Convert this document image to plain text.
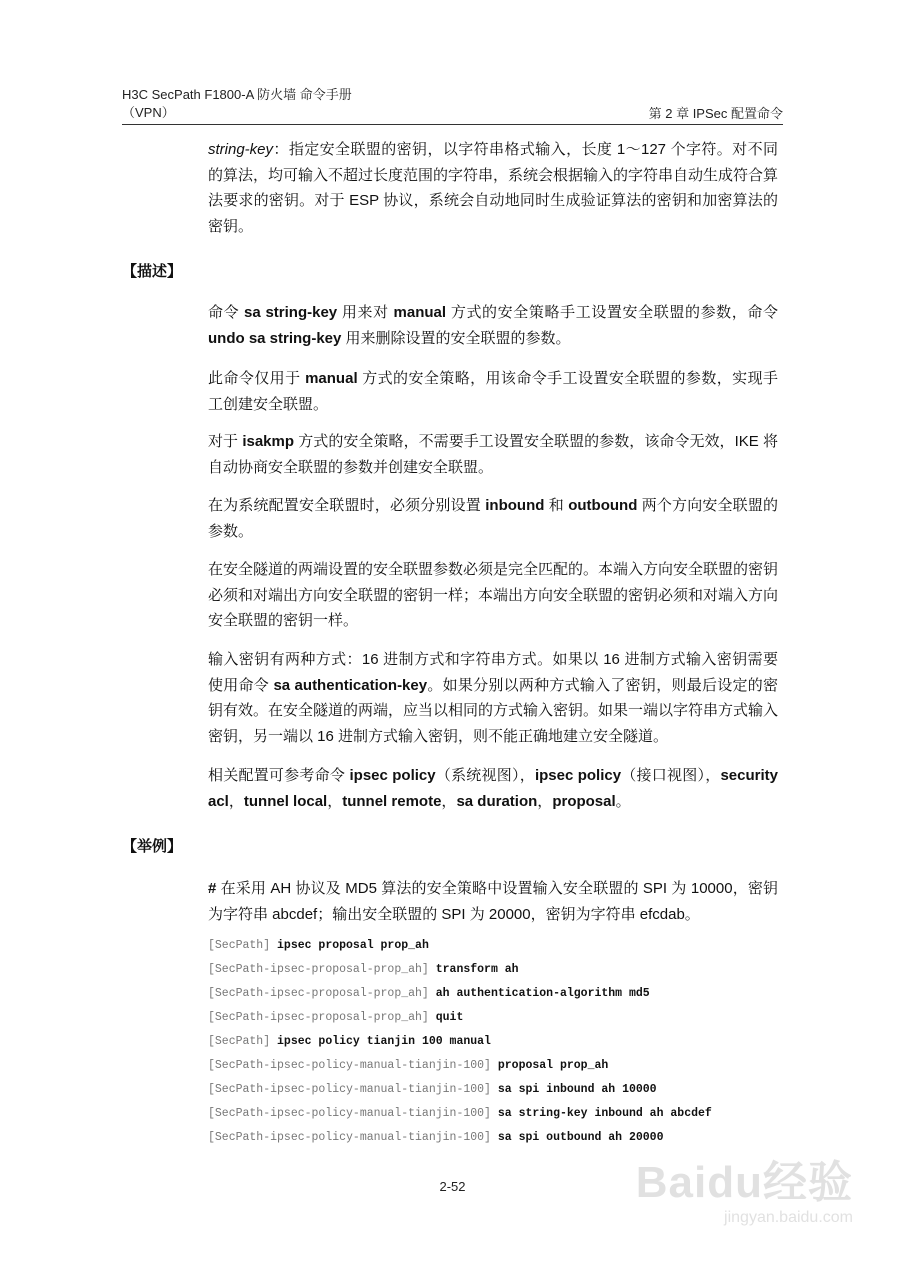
H3C SecPath F1800-A 防火墙 命令手册
（VPN）	第 2 章 IPSec 配置命令

string-key：指定安全联盟的密钥，以字符串格式输入，长度 1～127 个字符。对不同的算法，均可输入不超过长度范围的字符串，系统会根据输入的字符串自动生成符合算法要求的密钥。对于 ESP 协议，系统会自动地同时生成验证算法的密钥和加密算法的密钥。

【描述】

命令 sa string-key 用来对 manual 方式的安全策略手工设置安全联盟的参数，命令 undo sa string-key 用来删除设置的安全联盟的参数。

此命令仅用于 manual 方式的安全策略，用该命令手工设置安全联盟的参数，实现手工创建安全联盟。

对于 isakmp 方式的安全策略，不需要手工设置安全联盟的参数，该命令无效，IKE 将自动协商安全联盟的参数并创建安全联盟。

在为系统配置安全联盟时，必须分别设置 inbound 和 outbound 两个方向安全联盟的参数。

在安全隧道的两端设置的安全联盟参数必须是完全匹配的。本端入方向安全联盟的密钥必须和对端出方向安全联盟的密钥一样；本端出方向安全联盟的密钥必须和对端入方向安全联盟的密钥一样。

输入密钥有两种方式：16 进制方式和字符串方式。如果以 16 进制方式输入密钥需要使用命令 sa authentication-key。如果分别以两种方式输入了密钥，则最后设定的密钥有效。在安全隧道的两端，应当以相同的方式输入密钥。如果一端以字符串方式输入密钥，另一端以 16 进制方式输入密钥，则不能正确地建立安全隧道。

相关配置可参考命令 ipsec policy（系统视图），ipsec policy（接口视图），security acl，tunnel local，tunnel remote，sa duration，proposal。

【举例】

# 在采用 AH 协议及 MD5 算法的安全策略中设置输入安全联盟的 SPI 为 10000，密钥为字符串 abcdef；输出安全联盟的 SPI 为 20000，密钥为字符串 efcdab。

[SecPath] ipsec proposal prop_ah
[SecPath-ipsec-proposal-prop_ah] transform ah
[SecPath-ipsec-proposal-prop_ah] ah authentication-algorithm md5
[SecPath-ipsec-proposal-prop_ah] quit
[SecPath] ipsec policy tianjin 100 manual
[SecPath-ipsec-policy-manual-tianjin-100] proposal prop_ah
[SecPath-ipsec-policy-manual-tianjin-100] sa spi inbound ah 10000
[SecPath-ipsec-policy-manual-tianjin-100] sa string-key inbound ah abcdef
[SecPath-ipsec-policy-manual-tianjin-100] sa spi outbound ah 20000
2-52	Baidu经验
jingyan.baidu.com
